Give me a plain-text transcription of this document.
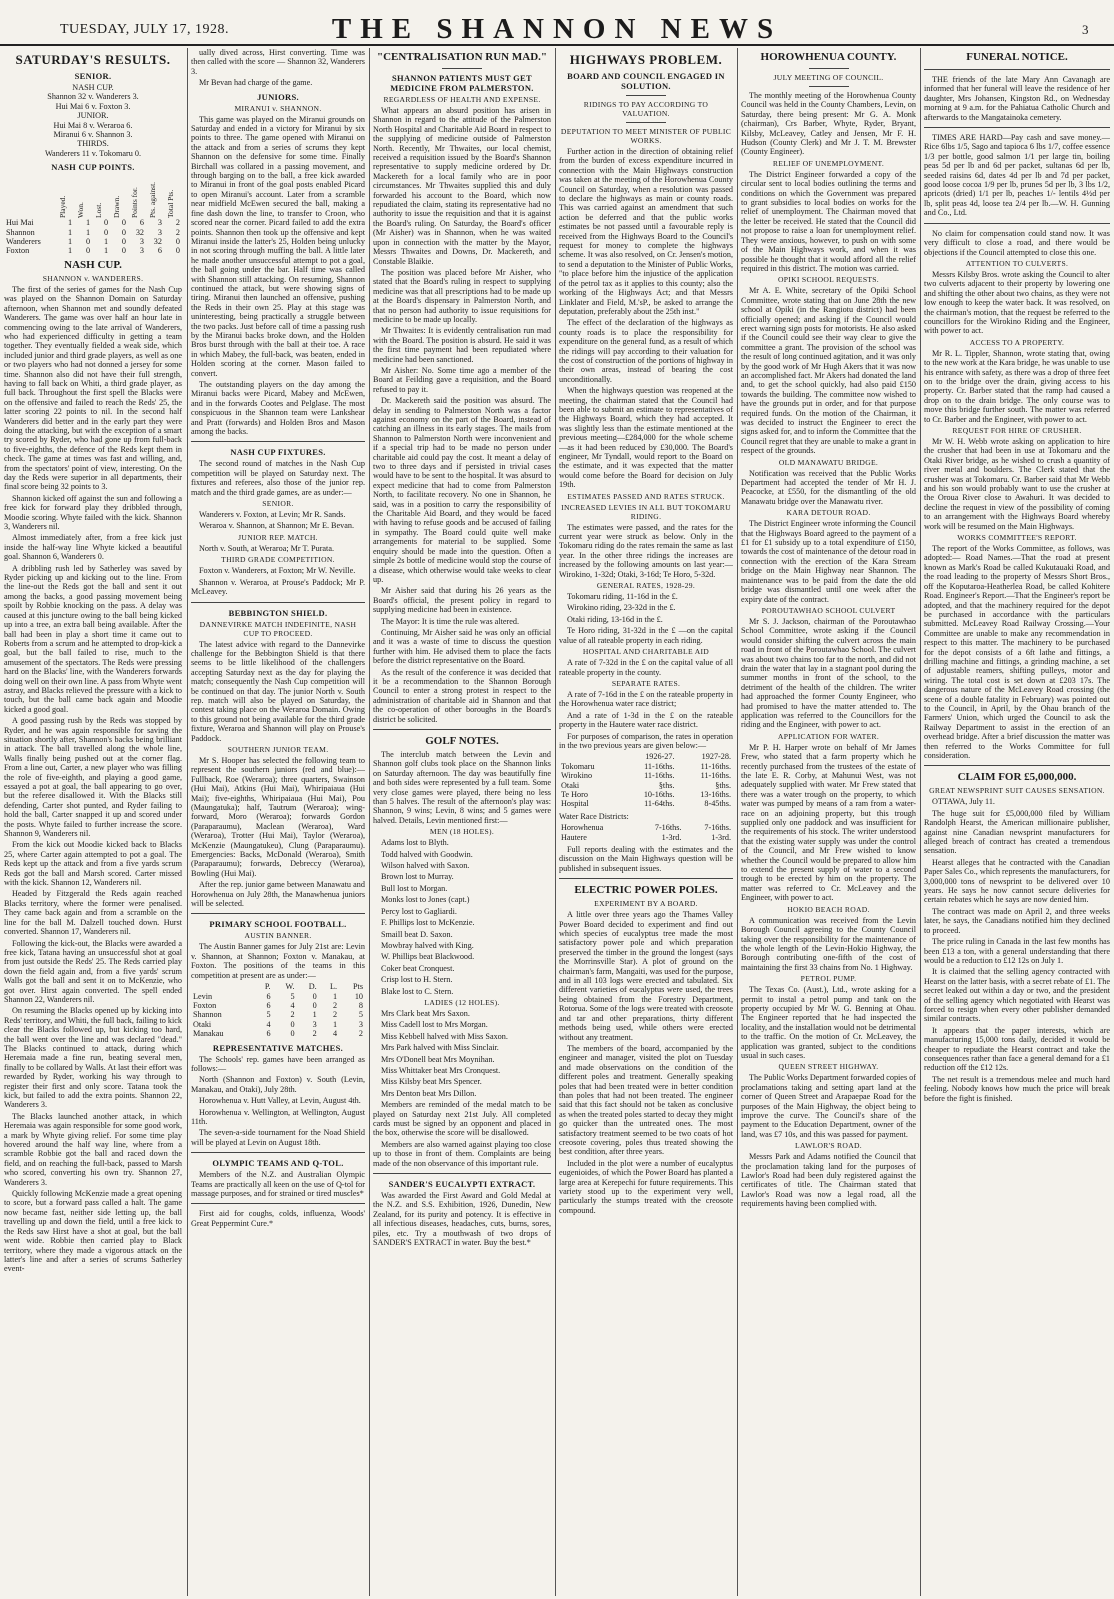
TUESDAY, JULY 17, 1928.	THE SHANNON NEWS	3
SATURDAY'S RESULTS.
SENIOR.

NASH CUP.

Shannon 32 v. Wanderers 3.

Hui Mai 6 v. Foxton 3.

JUNIOR.

Hui Mai 8 v. Weraroa 6.

Miranui 6 v. Shannon 3.

THIRDS.

Wanderers 11 v. Tokomaru 0.

NASH CUP POINTS.

	Played.	Won.	Lost.	Drawn.	Points for.	Pts. against.	Total Pts.

Hui Mai	1	1	0	0	6	3	2
Shannon	1	1	0	0	32	3	2
Wanderers	1	0	1	0	3	32	0
Foxton	1	0	1	0	3	6	0
NASH CUP.
SHANNON v. WANDERERS.

The first of the series of games for the Nash Cup was played on the Shannon Domain on Saturday afternoon, when Shannon met and soundly defeated Wanderers. The game was over half an hour late in commencing owing to the late arrival of Wanderers, who had experienced difficulty in getting a team together. They eventually fielded a weak side, which included junior and third grade players, as well as one or two players who had not donned a jersey for some time. Shannon also did not have their full strength, having to fall back on Whiti, a third grade player, as full back. Throughout the first spell the Blacks were on the offensive and failed to reach the Reds' 25, the latter scoring 22 points to nil. In the second half Wanderers did better and in the early part they were doing the attacking, but with the exception of a smart try scored by Ryder, who had gone up from full-back to five-eighths, the defence of the Reds kept them in check. The game at times was fast and willing, and, from the spectators' point of view, interesting. On the day the Reds were superior in all departments, their final score being 32 points to 3.

Shannon kicked off against the sun and following a free kick for forward play they dribbled through, Moodie scoring. Whyte failed with the kick. Shannon 3, Wanderers nil.

Almost immediately after, from a free kick just inside the half-way line Whyte kicked a beautiful goal. Shannon 6, Wanderers 0.

A dribbling rush led by Satherley was saved by Ryder picking up and kicking out to the line. From the line-out the Reds got the ball and sent it out among the backs, a good passing movement being spoilt by Robbie knocking on the pass. A delay was caused at this juncture owing to the ball being kicked up into a tree, an extra ball being available. After the ball had been in play a short time it came out to Roberts from a scrum and he attempted to drop-kick a goal, but the ball failed to rise, much to the amusement of the spectators. The Reds were pressing hard on the Blacks' line, with the Wanderers forwards doing well on their own line. A pass from Whyte went astray, and Blacks relieved the pressure with a kick to touch, but the ball came back again and Moodie kicked a good goal.

A good passing rush by the Reds was stopped by Ryder, and he was again responsible for saving the situation shortly after, Shannon's backs being brilliant in attack. The ball travelled along the whole line, Walls finally being pushed out at the corner flag. From a line out, Carter, a new player who was filling the role of five-eighth, and playing a good game, essayed a pot at goal, the ball appearing to go over, but the referee disallowed it. With the Blacks still defending, Carter shot punted, and Ryder failing to hold the ball, Carter snapped it up and scored under the posts. Whyte failed to further increase the score. Shannon 9, Wanderers nil.

From the kick out Moodie kicked back to Blacks 25, where Carter again attempted to pot a goal. The Reds kept up the attack and from a five yards scrum Reds got the ball and Marsh scored. Carter missed with the kick. Shannon 12, Wanderers nil.

Headed by Fitzgerald the Reds again reached Blacks territory, where the former were penalised. They came back again and from a scramble on the line for the ball M. Dalzell touched down. Hurst converted. Shannon 17, Wanderers nil.

Following the kick-out, the Blacks were awarded a free kick, Tatana having an unsuccessful shot at goal from just outside the Reds' 25. The Reds carried play down the field again and, from a five yards' scrum Walls got the ball and sent it on to McKenzie, who got over. Hirst again converted. The spell ended Shannon 22, Wanderers nil.

On resuming the Blacks opened up by kicking into Reds' territory, and Whiti, the full back, failing to kick clear the Blacks followed up, but kicking too hard, the ball went over the line and was declared "dead." The Blacks continued to attack, during which Heremaia made a fine run, beating several men, finally to be collared by Walls. At last their effort was rewarded by Ryder, working his way through to register their first and only score. Tatana took the kick, but failed to add the extra points. Shannon 22, Wanderers 3.

The Blacks launched another attack, in which Heremaia was again responsible for some good work, a mark by Whyte giving relief. For some time play hovered around the half way line, where from a scramble Robbie got the ball and raced down the field, and on reaching the full-back, passed to Marsh who scored, converting his own try. Shannon 27, Wanderers 3.

Quickly following McKenzie made a great opening to score, but a forward pass called a halt. The game now became fast, neither side letting up, the ball travelling up and down the field, until a free kick to the Reds saw Hirst have a shot at goal, but the ball went wide. Robbie then carried play to Black territory, where they made a vigorous attack on the latter's line and after a series of scrums Satherley event-

ually dived across, Hirst converting. Time was then called with the score — Shannon 32, Wanderers 3.

Mr Bevan had charge of the game.

JUNIORS.
MIRANUI v. SHANNON.

This game was played on the Miranui grounds on Saturday and ended in a victory for Miranui by six points to three. The game opened with Miranui on the attack and from a series of scrums they kept Shannon on the defensive for some time. Finally Birchall was collared in a passing movement, and through barging on to the ball, a free kick awarded to Miranui in front of the goal posts enabled Picard to open Miranui's account. Later from a scramble near midfield McEwen secured the ball, making a fine dash down the line, to transfer to Croon, who scored near the corner. Picard failed to add the extra points. Shannon then took up the offensive and kept Miranui inside the latter's 25, Holden being unlucky in not scoring through muffing the ball. A little later he made another unsuccessful attempt to pot a goal, the ball going under the bar. Half time was called with Shannon still attacking. On resuming, Shannon continued the attack, but were showing signs of tiring. Miranui then launched an offensive, pushing the Reds in their own 25. Play at this stage was uninteresting, being practically a struggle between the two packs. Just before call of time a passing rush by the Miranui backs broke down, and the Holden Bros burst through with the ball at their toe. A race in which Mabey, the full-back, was beaten, ended in Holden scoring at the corner. Mason failed to convert.

The outstanding players on the day among the Miranui backs were Picard, Mabey and McEwen, and in the forwards Cootes and Pelglase. The most conspicuous in the Shannon team were Lankshear and Pratt (forwards) and Holden Bros and Mason among the backs.

NASH CUP FIXTURES.

The second round of matches in the Nash Cup competition will be played on Saturday next. The fixtures and referees, also those of the junior rep. match and the third grade games, are as under:—

SENIOR.

Wanderers v. Foxton, at Levin; Mr R. Sands.

Weraroa v. Shannon, at Shannon; Mr E. Bevan.

JUNIOR REP. MATCH.

North v. South, at Weraroa; Mr T. Purata.

THIRD GRADE COMPETITION.

Foxton v. Wanderers, at Foxton; Mr W. Neville.

Shannon v. Weraroa, at Prouse's Paddock; Mr P. McLeavey.

BEBBINGTON SHIELD.
DANNEVIRKE MATCH INDEFINITE, NASH CUP TO PROCEED.

The latest advice with regard to the Dannevirke challenge for the Bebbington Shield is that there seems to be little likelihood of the challengers accepting Saturday next as the day for playing the match; consequently the Nash Cup competition will be continued on that day. The junior North v. South rep. match will also be played on Saturday, the contest taking place on the Weraroa Domain. Owing to this ground not being available for the third grade fixture, Weraroa and Shannon will play on Prouse's Paddock.

SOUTHERN JUNIOR TEAM.

Mr S. Hooper has selected the following team to represent the southern juniors (red and blue):—Fullback, Roe (Weraroa); three quarters, Swainson (Hui Mai), Atkins (Hui Mai), Whiripaiaua (Hui Mai); five-eighths, Whiripaiaua (Hui Mai), Pou (Maungatuka); half, Tautrum (Weraroa); wing-forward, Moro (Weraroa); forwards Gordon (Paraparaumu), Maclean (Weraroa), Ward (Weraroa), Trotter (Hui Mai), Taylor (Weraroa), McKenzie (Maungatukeu), Clung (Paraparaumu). Emergencies: Backs, McDonald (Weraroa), Smith (Paraparaumu); forwards, Debreccy (Weraroa), Bowling (Hui Mai).

After the rep. junior game between Manawatu and Horowhenua on July 28th, the Manawhenua juniors will be selected.

PRIMARY SCHOOL FOOTBALL.
AUSTIN BANNER.

The Austin Banner games for July 21st are: Levin v. Shannon, at Shannon; Foxton v. Manakau, at Foxton. The positions of the teams in this competition at present are as under:—

	P.	W.	D.	L.	Pts
Levin	6	5	0	1	10
Foxton	6	4	0	2	8
Shannon	5	2	1	2	5
Otaki	4	0	3	1	3
Manakau	6	0	2	4	2
REPRESENTATIVE MATCHES.

The Schools' rep. games have been arranged as follows:—

North (Shannon and Foxton) v. South (Levin, Manakau, and Otaki), July 28th.

Horowhenua v. Hutt Valley, at Levin, August 4th.

Horowhenua v. Wellington, at Wellington, August 11th.

The seven-a-side tournament for the Noad Shield will be played at Levin on August 18th.

OLYMPIC TEAMS AND Q-TOL.

Members of the N.Z. and Australian Olympic Teams are practically all keen on the use of Q-tol for massage purposes, and for strained or tired muscles*

First aid for coughs, colds, influenza, Woods' Great Peppermint Cure.*

"CENTRALISATION RUN MAD."
SHANNON PATIENTS MUST GET MEDICINE FROM PALMERSTON.
REGARDLESS OF HEALTH AND EXPENSE.

What appears an absurd position has arisen in Shannon in regard to the attitude of the Palmerston North Hospital and Charitable Aid Board in respect to the supplying of medicine outside of Palmerston North. Recently, Mr Thwaites, our local chemist, received a requisition issued by the Board's Shannon representative to supply medicine ordered by Dr. Mackereth for a local family who are in poor circumstances. Mr Thwaites supplied this and duly forwarded his account to the Board, which now repudiated the claim, stating its representative had no authority to issue the requisition and that it is against the Board's ruling. On Saturday, the Board's officer (Mr Aisher) was in Shannon, when he was waited upon in connection with the matter by the Mayor, Messrs Thwaites and Downs, Dr. Mackereth, and Constable Blaikie.

The position was placed before Mr Aisher, who stated that the Board's ruling in respect to supplying medicine was that all prescriptions had to be made up at the Board's dispensary in Palmerston North, and that no person had authority to issue requisitions for medicine to be made up locally.

Mr Thwaites: It is evidently centralisation run mad with the Board. The position is absurd. He said it was the first time payment had been repudiated where medicine had been sanctioned.

Mr Aisher: No. Some time ago a member of the Board at Feilding gave a requisition, and the Board refused to pay it.

Dr. Mackereth said the position was absurd. The delay in sending to Palmerston North was a factor against economy on the part of the Board, instead of catching an illness in its early stages. The mails from Shannon to Palmerston North were inconvenient and if a special trip had to be made no person under charitable aid could pay the cost. It meant a delay of two to three days and if persisted in trivial cases would have to be sent to the hospital. It was absurd to expect medicine that had to come from Palmerston North, to facilitate recovery. No one in Shannon, he said, was in a position to carry the responsibility of the Charitable Aid Board, and they would be faced with having to refuse goods and be accused of failing in sympathy. The Board could quite well make arrangements for material to be supplied. Some enquiry should be made into the question. Often a simple 2s bottle of medicine would stop the course of a disease, which otherwise would take weeks to clear up.

Mr Aisher said that during his 26 years as the Board's official, the present policy in regard to supplying medicine had been in existence.

The Mayor: It is time the rule was altered.

Continuing, Mr Aisher said he was only an official and it was a waste of time to discuss the question further with him. He advised them to place the facts before the district representative on the Board.

As the result of the conference it was decided that it be a recommendation to the Shannon Borough Council to enter a strong protest in respect to the administration of charitable aid in Shannon and that the co-operation of other boroughs in the Board's district be solicited.

GOLF NOTES.

The interclub match between the Levin and Shannon golf clubs took place on the Shannon links on Saturday afternoon. The day was beautifully fine and both sides were represented by a full team. Some very close games were played, there being no less than 5 halves. The result of the afternoon's play was: Shannon, 9 wins; Levin, 8 wins; and 5 games were halved. Details, Levin mentioned first:—

MEN (18 HOLES).

Adams lost to Blyth.

Todd halved with Goodwin.

Wilson halved with Saxon.

Brown lost to Murray.

Bull lost to Morgan.

Monks lost to Jones (capt.)

Percy lost to Gagliardi.

F. Phillips lost to McKenzie.

Smaill beat D. Saxon.

Mowbray halved with King.

W. Phillips beat Blackwood.

Coker beat Cronquest.

Crisp lost to H. Stern.

Blake lost to C. Stern.

LADIES (12 HOLES).

Mrs Clark beat Mrs Saxon.

Miss Cadell lost to Mrs Morgan.

Miss Kebbell halved with Miss Saxon.

Mrs Park halved with Miss Sinclair.

Mrs O'Donell beat Mrs Moynihan.

Miss Whittaker beat Mrs Cronquest.

Miss Kilsby beat Mrs Spencer.

Mrs Denton beat Mrs Dillon.

Members are reminded of the medal match to be played on Saturday next 21st July. All completed cards must be signed by an opponent and placed in the box, otherwise the score will be disallowed.

Members are also warned against playing too close up to those in front of them. Complaints are being made of the non observance of this important rule.

SANDER'S EUCALYPTI EXTRACT.

Was awarded the First Award and Gold Medal at the N.Z. and S.S. Exhibition, 1926, Dunedin, New Zealand, for its purity and potency. It is effective in all infectious diseases, headaches, cuts, burns, sores, piles, etc. Try a mouthwash of two drops of SANDER'S EXTRACT in water. Buy the best.*

HIGHWAYS PROBLEM.
BOARD AND COUNCIL ENGAGED IN SOLUTION.
RIDINGS TO PAY ACCORDING TO VALUATION.
DEPUTATION TO MEET MINISTER OF PUBLIC WORKS.

Further action in the direction of obtaining relief from the burden of excess expenditure incurred in connection with the Main Highways construction was taken at the meeting of the Horowhenua County Council on Saturday, when a resolution was passed to declare the highways as main or county roads. This was carried against an amendment that such action be deferred and that the public works estimates be not passed until a favourable reply is received from the Highways Board to the Council's request for money to complete the highways scheme. It was also resolved, on Cr. Jensen's motion, to send a deputation to the Minister of Public Works, "to place before him the injustice of the application of the petrol tax as it applies to this county; also the working of the Highways Act; and that Messrs Linklater and Field, M.'sP., be asked to arrange the deputation, preferably about the 25th inst."

The effect of the declaration of the highways as county roads is to place the responsibility for expenditure on the general fund, as a result of which the ridings will pay according to their valuation for the cost of construction of the portions of highway in their own areas, instead of bearing the cost unconditionally.

When the highways question was reopened at the meeting, the chairman stated that the Council had been able to submit an estimate to representatives of the Highways Board, which they had accepted. It was slightly less than the estimate mentioned at the previous meeting—£284,000 for the whole scheme—as it had been reduced by £30,000. The Board's engineer, Mr Tyndall, would report to the Board on the estimate, and it was expected that the matter would come before the Board for decision on July 19th.

ESTIMATES PASSED AND RATES STRUCK.
INCREASED LEVIES IN ALL BUT TOKOMARU RIDING.

The estimates were passed, and the rates for the current year were struck as below. Only in the Tokomaru riding do the rates remain the same as last year. In the other three ridings the increases are increased by the following amounts on last year:—Wirokino, 1-32d; Otaki, 3-16d; Te Horo, 5-32d.

GENERAL RATES, 1928-29.

Tokomaru riding, 11-16d in the £.

Wirokino riding, 23-32d in the £.

Otaki riding, 13-16d in the £.

Te Horo riding, 31-32d in the £ —on the capital value of all rateable property in each riding.

HOSPITAL AND CHARITABLE AID

A rate of 7-32d in the £ on the capital value of all rateable property in the county.

SEPARATE RATES.

A rate of 7-16d in the £ on the rateable property in the Horowhenua water race district;

And a rate of 1-3d in the £ on the rateable property in the Hautere water race district.

For purposes of comparison, the rates in operation in the two previous years are given below:—

	1926-27.	1927-28.
Tokomaru	11-16ths.	11-16ths.
Wirokino	11-16ths.	11-16ths.
Otaki	§ths.	§ths.
Te Horo	10-16ths.	13-16ths.
Hospital	11-64ths.	8-45ths.

Water Race Districts:

Horowhenua	7-16ths.	7-16ths.
Hautere	1-3rd.	1-3rd.

Full reports dealing with the estimates and the discussion on the Main Highways question will be published in subsequent issues.

ELECTRIC POWER POLES.
EXPERIMENT BY A BOARD.

A little over three years ago the Thames Valley Power Board decided to experiment and find out which species of eucalyptus tree made the most satisfactory power pole and which preparation preserved the timber in the ground the longest (says the Morrinsville Star). A plot of ground on the chairman's farm, Mangaiti, was used for the purpose, and in all 103 logs were erected and tabulated. Six different varieties of eucalyptus were used, the trees being obtained from the Forestry Department, Rotorua. Some of the logs were treated with creosote and tar and other preparations, thirty different methods being used, while others were erected without any treatment.

The members of the board, accompanied by the engineer and manager, visited the plot on Tuesday and made observations on the condition of the different poles and treatment. Generally speaking poles that had been treated were in better condition than poles that had not been treated. The engineer said that this fact should not be taken as conclusive as when the treated poles started to decay they might go quicker than the untreated ones. The most satisfactory treatment seemed to be two coats of hot creosote covering, poles thus treated showing the best condition, after three years.

Included in the plot were a number of eucalyptus eugenioides, of which the Power Board has planted a large area at Kerepechi for future requirements. This variety stood up to the experiment very well, particularly the stumps treated with the creosote compound.

HOROWHENUA COUNTY.
JULY MEETING OF COUNCIL.

The monthly meeting of the Horowhenua County Council was held in the County Chambers, Levin, on Saturday, there being present: Mr G. A. Monk (chairman), Crs Barber, Whyte, Ryder, Bryant, Kilsby, McLeavey, Catley and Jensen, Mr F. H. Hudson (County Clerk) and Mr J. T. M. Brewster (County Engineer).

RELIEF OF UNEMPLOYMENT.

The District Engineer forwarded a copy of the circular sent to local bodies outlining the terms and conditions on which the Government was prepared to grant subsidies to local bodies on works for the relief of unemployment. The Chairman moved that the letter be received. He stated that the Council did not propose to raise a loan for unemployment relief. They were anxious, however, to push on with some of the Main Highways work, and when it was possible he thought that it would afford all the relief required in this district. The motion was carried.

OPIKI SCHOOL REQUESTS.

Mr A. E. White, secretary of the Opiki School Committee, wrote stating that on June 28th the new school at Opiki (in the Rangiotu district) had been officially opened; and asking if the Council would erect warning sign posts for motorists. He also asked if the Council could see their way clear to give the committee a grant. The provision of the school was the result of long continued agitation, and it was only by the good work of Mr Hugh Akers that it was now an accomplished fact. Mr Akers had donated the land and, to get the school quickly, had also paid £150 towards the building. The committee now wished to have the grounds put in order, and for that purpose required funds. On the motion of the Chairman, it was decided to instruct the Engineer to erect the signs asked for, and to inform the Committee that the Council regret that they are unable to make a grant in respect of the grounds.

OLD MANAWATU BRIDGE.

Notification was received that the Public Works Department had accepted the tender of Mr H. J. Peacocke, at £550, for the dismantling of the old Manawatu bridge over the Manawatu river.

KARA DETOUR ROAD.

The District Engineer wrote informing the Council that the Highways Board agreed to the payment of a £1 for £1 subsidy up to a total expenditure of £150, towards the cost of maintenance of the detour road in connection with the erection of the Kara Stream bridge on the Main Highway near Shannon. The maintenance was to be paid from the date the old bridge was dismantled until one week after the expiry date of the contract.

POROUTAWHAO SCHOOL CULVERT

Mr S. J. Jackson, chairman of the Poroutawhao School Committee, wrote asking if the Council would consider shifting the culvert across the main road in front of the Poroutawhao School. The culvert was about two chains too far to the north, and did not drain the water that lay in a stagnant pool during the summer months in front of the school, to the detriment of the health of the children. The writer had approached the former County Engineer, who had promised to have the matter attended to. The application was referred to the Councillors for the riding and the Engineer, with power to act.

APPLICATION FOR WATER.

Mr P. H. Harper wrote on behalf of Mr James Frew, who stated that a farm property which he recently purchased from the trustees of the estate of the late E. R. Corby, at Mahunui West, was not adequately supplied with water. Mr Frew stated that there was a water trough on the property, to which water was pumped by means of a ram from a water-race on an adjoining property, but this trough supplied only one paddock and was insufficient for the requirements of his stock. The writer understood that the existing water supply was under the control of the Council, and Mr Frew wished to know whether the Council would be prepared to allow him to extend the present supply of water to a second trough to be erected by him on the property. The matter was referred to Cr. McLeavey and the Engineer, with power to act.

HOKIO BEACH ROAD.

A communication was received from the Levin Borough Council agreeing to the County Council taking over the responsibility for the maintenance of the whole length of the Levin-Hokio Highway, the Borough contributing one-fifth of the cost of maintaining the first 33 chains from No. 1 Highway.

PETROL PUMP.

The Texas Co. (Aust.), Ltd., wrote asking for a permit to instal a petrol pump and tank on the property occupied by Mr W. G. Benning at Ohau. The Engineer reported that he had inspected the locality, and the installation would not be detrimental to the traffic. On the motion of Cr. McLeavey, the application was granted, subject to the conditions usual in such cases.

QUEEN STREET HIGHWAY.

The Public Works Department forwarded copies of proclamations taking and setting apart land at the corner of Queen Street and Arapaepae Road for the purposes of the Main Highway, the object being to improve the curve. The Council's share of the payment to the Education Department, owner of the land, was £7 10s, and this was passed for payment.

LAWLOR'S ROAD.

Messrs Park and Adams notified the Council that the proclamation taking land for the purposes of Lawlor's Road had been duly registered against the certificates of title. The Chairman stated that Lawlor's Road was now a legal road, all the requirements having been complied with.

FUNERAL NOTICE.

THE friends of the late Mary Ann Cavanagh are informed that her funeral will leave the residence of her daughter, Mrs Johansen, Kingston Rd., on Wednesday morning at 9 a.m. for the Pahiatua Catholic Church and afterwards to the Mangatainoka cemetery.

TIMES ARE HARD—Pay cash and save money.—Rice 6lbs 1/5, Sago and tapioca 6 lbs 1/7, coffee essence 1/3 per bottle, good salmon 1/1 per large tin, boiling peas 5d per lb and 6d per packet, sultanas 6d per lb, seeded raisins 6d, dates 4d per lb and 7d per packet, good loose cocoa 1/9 per lb, prunes 5d per lb, 3 lbs 1/2, apricots (dried) 1/1 per lb, peaches 1/- lentils 4½d per lb, split peas 4d, loose tea 2/4 per lb.—W. H. Gunning and Co., Ltd.

No claim for compensation could stand now. It was very difficult to close a road, and there would be objections if the Council attempted to close this one.

ATTENTION TO CULVERTS.

Messrs Kilsby Bros. wrote asking the Council to alter two culverts adjacent to their property by lowering one and shifting the other about two chains, as they were not low enough to keep the water back. It was resolved, on the chairman's motion, that the request be referred to the councillors for the Wirokino Riding and the Engineer, with power to act.

ACCESS TO A PROPERTY.

Mr R. L. Tippler, Shannon, wrote stating that, owing to the new work at the Kara bridge, he was unable to use his entrance with safety, as there was a drop of three feet on to the bridge over the drain, giving access to his property. Cr. Barber stated that the ramp had caused a drop on to the drain bridge. The only course was to move this bridge further south. The matter was referred to Cr. Barber and the Engineer, with power to act.

REQUEST FOR HIRE OF CRUSHER.

Mr W. H. Webb wrote asking on application to hire the crusher that had been in use at Tokomaru and the Otaki River bridge, as he wished to crush a quantity of river metal and boulders. The Clerk stated that the crusher was at Tokomaru. Cr. Barber said that Mr Webb and his son would probably want to use the crusher at the Oroua River close to Awahuri. It was decided to decline the request in view of the possibility of coming to an arrangement with the Highways Board whereby work will be resumed on the Main Highways.

WORKS COMMITTEE'S REPORT.

The report of the Works Committee, as follows, was adopted:— Road Names.—That the road at present known as Mark's Road be called Kukutauaki Road, and the road leading to the property of Messrs Short Bros., off the Koputaroa-Heatherlea Road, be called Kohitere Road. Engineer's Report.—That the Engineer's report be adopted, and that the machinery required for the depot be purchased in accordance with the particulars submitted. McLeavey Road Railway Crossing.—Your Committee are unable to make any recommendation in respect to this matter. The machinery to be purchased for the depot consists of a 6ft lathe and fittings, a drilling machine and fittings, a grinding machine, a set of adjustable reamers, shifting pulleys, motor and wiring. The total cost is set down at £203 17s. The dangerous nature of the McLeavey Road crossing (the scene of a double fatality in February) was pointed out to the Council, in April, by the Ohau branch of the Farmers' Union, which urged the Council to ask the Railway Department to assist in the erection of an overhead bridge. After a brief discussion the matter was then referred to the Works Committee for full consideration.

CLAIM FOR £5,000,000.
GREAT NEWSPRINT SUIT CAUSES SENSATION.

OTTAWA, July 11.

The huge suit for £5,000,000 filed by William Randolph Hearst, the American millionaire publisher, against nine Canadian newsprint manufacturers for alleged breach of contract has created a tremendous sensation.

Hearst alleges that he contracted with the Canadian Paper Sales Co., which represents the manufacturers, for 3,000,000 tons of newsprint to be delivered over 10 years. He says he now cannot secure deliveries for certain rebates which he says are now denied him.

The contract was made on April 2, and three weeks later, he says, the Canadians notified him they declined to proceed.

The price ruling in Canada in the last few months has been £13 a ton, with a general understanding that there would be a reduction to £12 12s on July 1.

It is claimed that the selling agency contracted with Hearst on the latter basis, with a secret rebate of £1. The secret leaked out within a day or two, and the president of the selling agency which negotiated with Hearst was forced to resign when every other publisher demanded similar contracts.

It appears that the paper interests, which are manufacturing 15,000 tons daily, decided it would be cheaper to repudiate the Hearst contract and take the consequences rather than face a general demand for a £1 reduction off the £12 12s.

The net result is a tremendous melee and much hard feeling. Nobody knows how much the price will break before the fight is finished.
